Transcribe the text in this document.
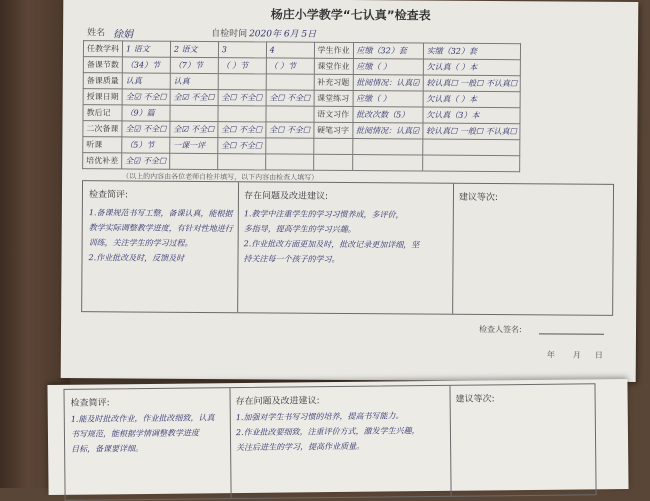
杨庄小学教学“七认真”检查表
姓名 徐娟	自检时间 2020年 6月 5日
任教学科	1 语文	2 语文	3	4	学生作业	应缴（32）套	实缴（32）套
备课节数	（34）节	（7）节	（ ）节	（ ）节	课堂作业	应缴（ ）	欠认真（ ）本
备课质量	认真	认真			补充习题	批阅情况：认真☑	较认真☐ 一般☐ 不认真☐
授课日期	全☑ 不全☐	全☑ 不全☐	全☐ 不全☐	全☐ 不全☐	课堂练习	应缴（ ）	欠认真（ ）本
教后记	（9）篇				语文习作	批改次数（5）	欠认真（3）本
二次备课	全☑ 不全☐	全☑ 不全☐	全☐ 不全☐	全☐ 不全☐	硬笔习字	批阅情况：认真☑	较认真☐ 一般☐ 不认真☐
听课	（5）节	一课一评	全☐ 不全☐				
培优补差	全☑ 不全☐						
（以上的内容由各位老师自检并填写，以下内容由检查人填写）
检查简评:	存在问题及改进建议:	建议等次:
1.备课规范书写工整，备课认真，能根据
教学实际调整教学进度，有针对性地进行
训练，关注学生的学习过程。
2.作业批改及时，反馈及时
1.教学中注重学生的学习习惯养成，多评价，
多指导，提高学生的学习兴趣。
2.作业批改方面更加及时，批改记录更加详细，坚
持关注每一个孩子的学习。
检查人签名:
年 月 日
检查简评:	存在问题及改进建议:	建议等次:
1.能及时批改作业，作业批改细致，认真
书写规范，能根据学情调整教学进度
目标，备课要详细。
1.加强对学生书写习惯的培养，提高书写能力。
2.作业批改要细致，注重评价方式，激发学生兴趣，
关注后进生的学习，提高作业质量。
